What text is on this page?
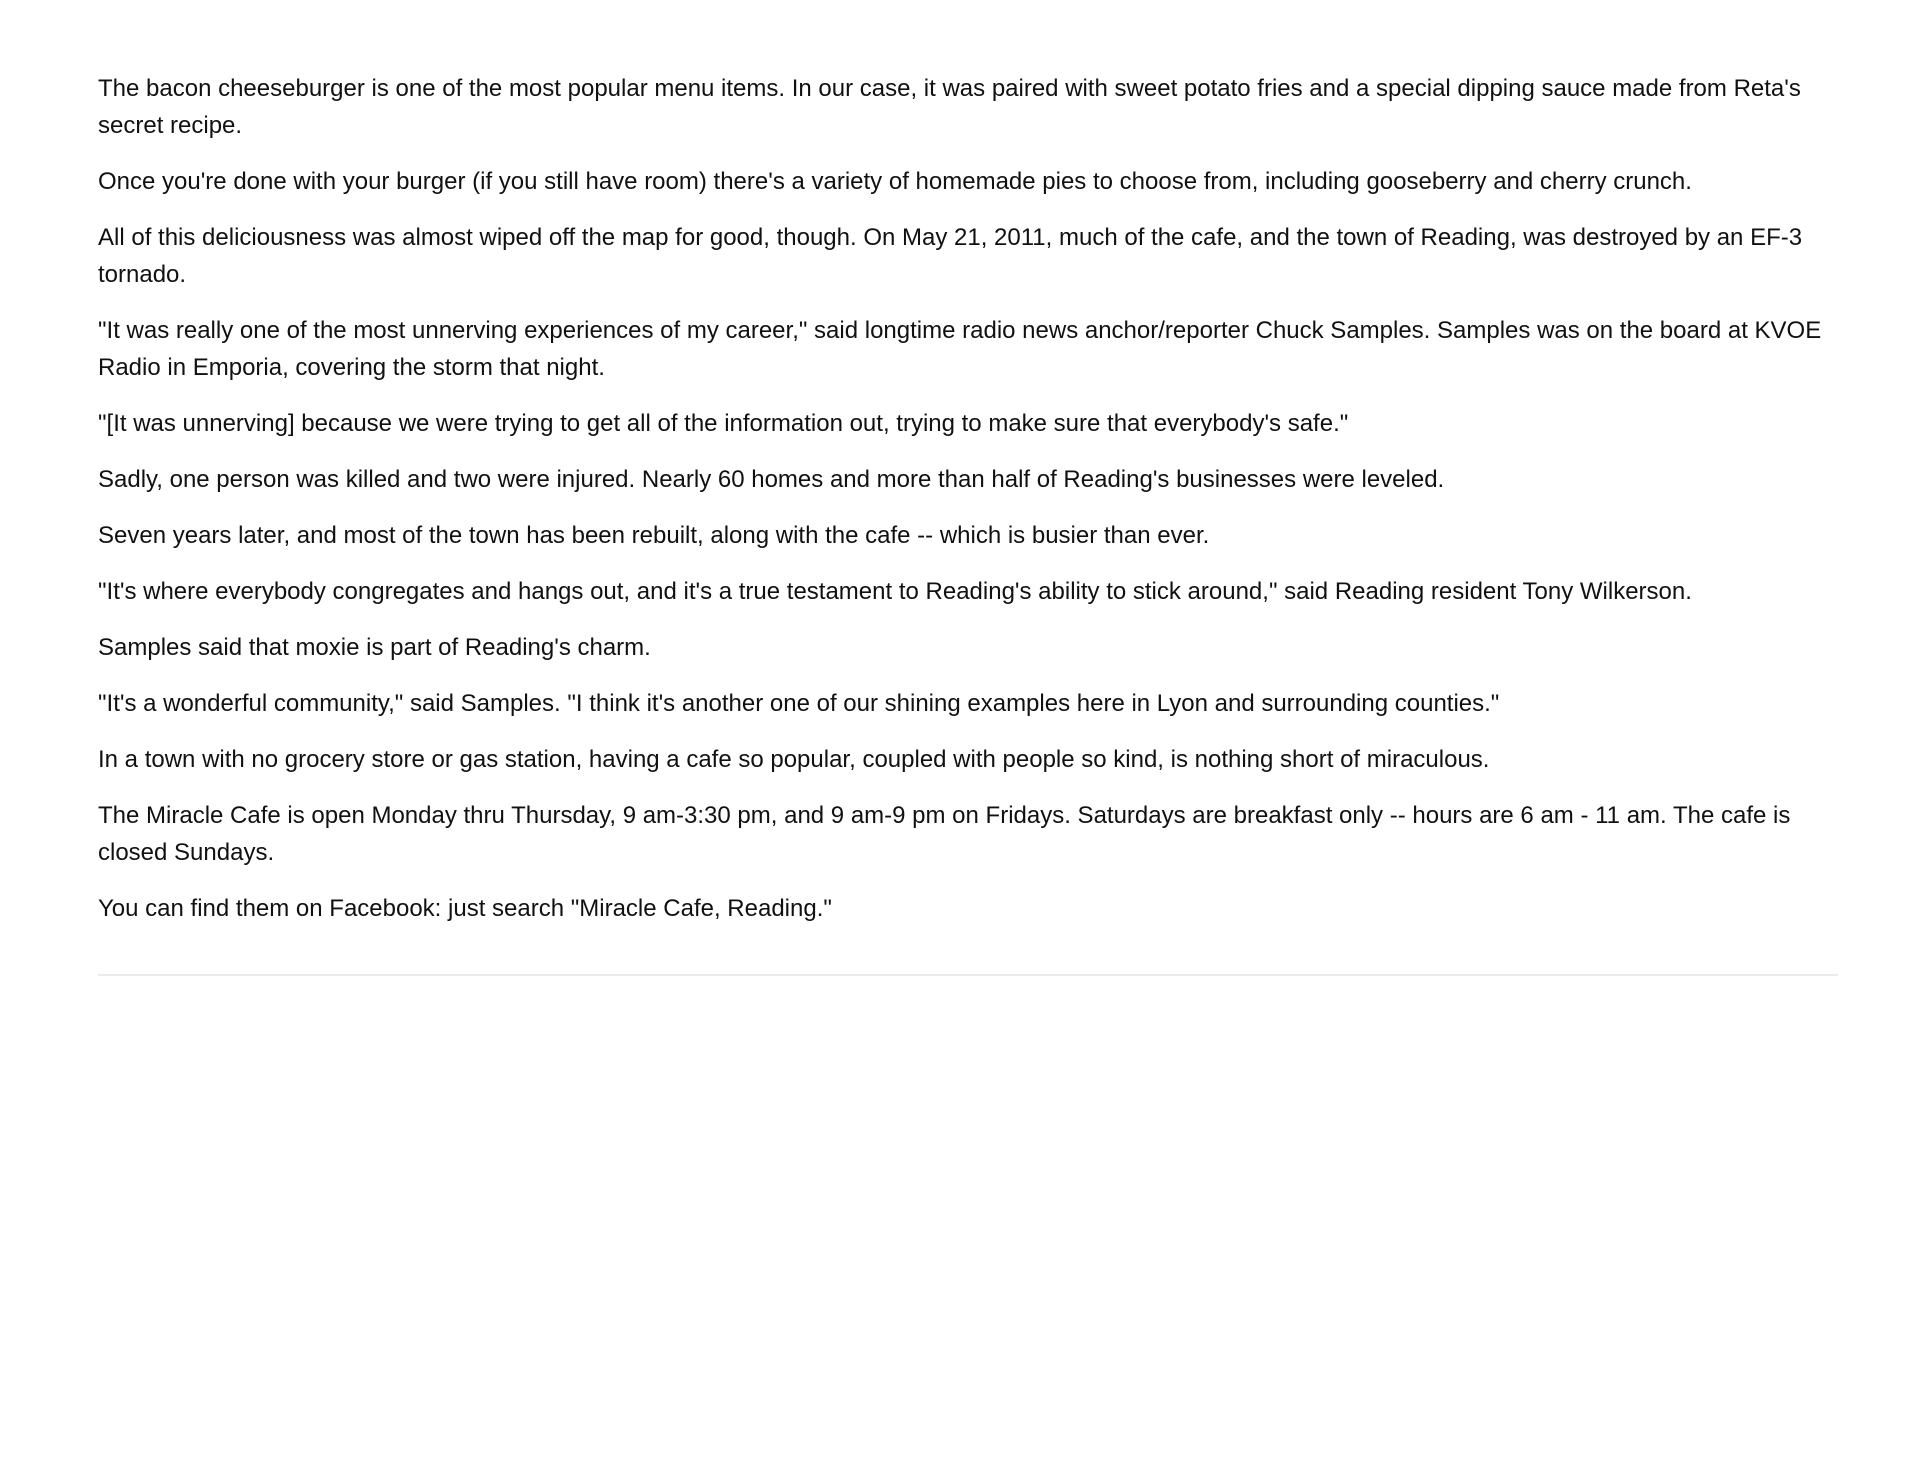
The bacon cheeseburger is one of the most popular menu items. In our case, it was paired with sweet potato fries and a special dipping sauce made from Reta's secret recipe.

Once you're done with your burger (if you still have room) there's a variety of homemade pies to choose from, including gooseberry and cherry crunch.

All of this deliciousness was almost wiped off the map for good, though. On May 21, 2011, much of the cafe, and the town of Reading, was destroyed by an EF-3 tornado.

"It was really one of the most unnerving experiences of my career," said longtime radio news anchor/reporter Chuck Samples. Samples was on the board at KVOE Radio in Emporia, covering the storm that night.

"[It was unnerving] because we were trying to get all of the information out, trying to make sure that everybody's safe."

Sadly, one person was killed and two were injured. Nearly 60 homes and more than half of Reading's businesses were leveled.

Seven years later, and most of the town has been rebuilt, along with the cafe -- which is busier than ever.

"It's where everybody congregates and hangs out, and it's a true testament to Reading's ability to stick around," said Reading resident Tony Wilkerson.

Samples said that moxie is part of Reading's charm.

"It's a wonderful community," said Samples. "I think it's another one of our shining examples here in Lyon and surrounding counties."

In a town with no grocery store or gas station, having a cafe so popular, coupled with people so kind, is nothing short of miraculous.

The Miracle Cafe is open Monday thru Thursday, 9 am-3:30 pm, and 9 am-9 pm on Fridays. Saturdays are breakfast only -- hours are 6 am - 11 am. The cafe is closed Sundays.

You can find them on Facebook: just search "Miracle Cafe, Reading."
